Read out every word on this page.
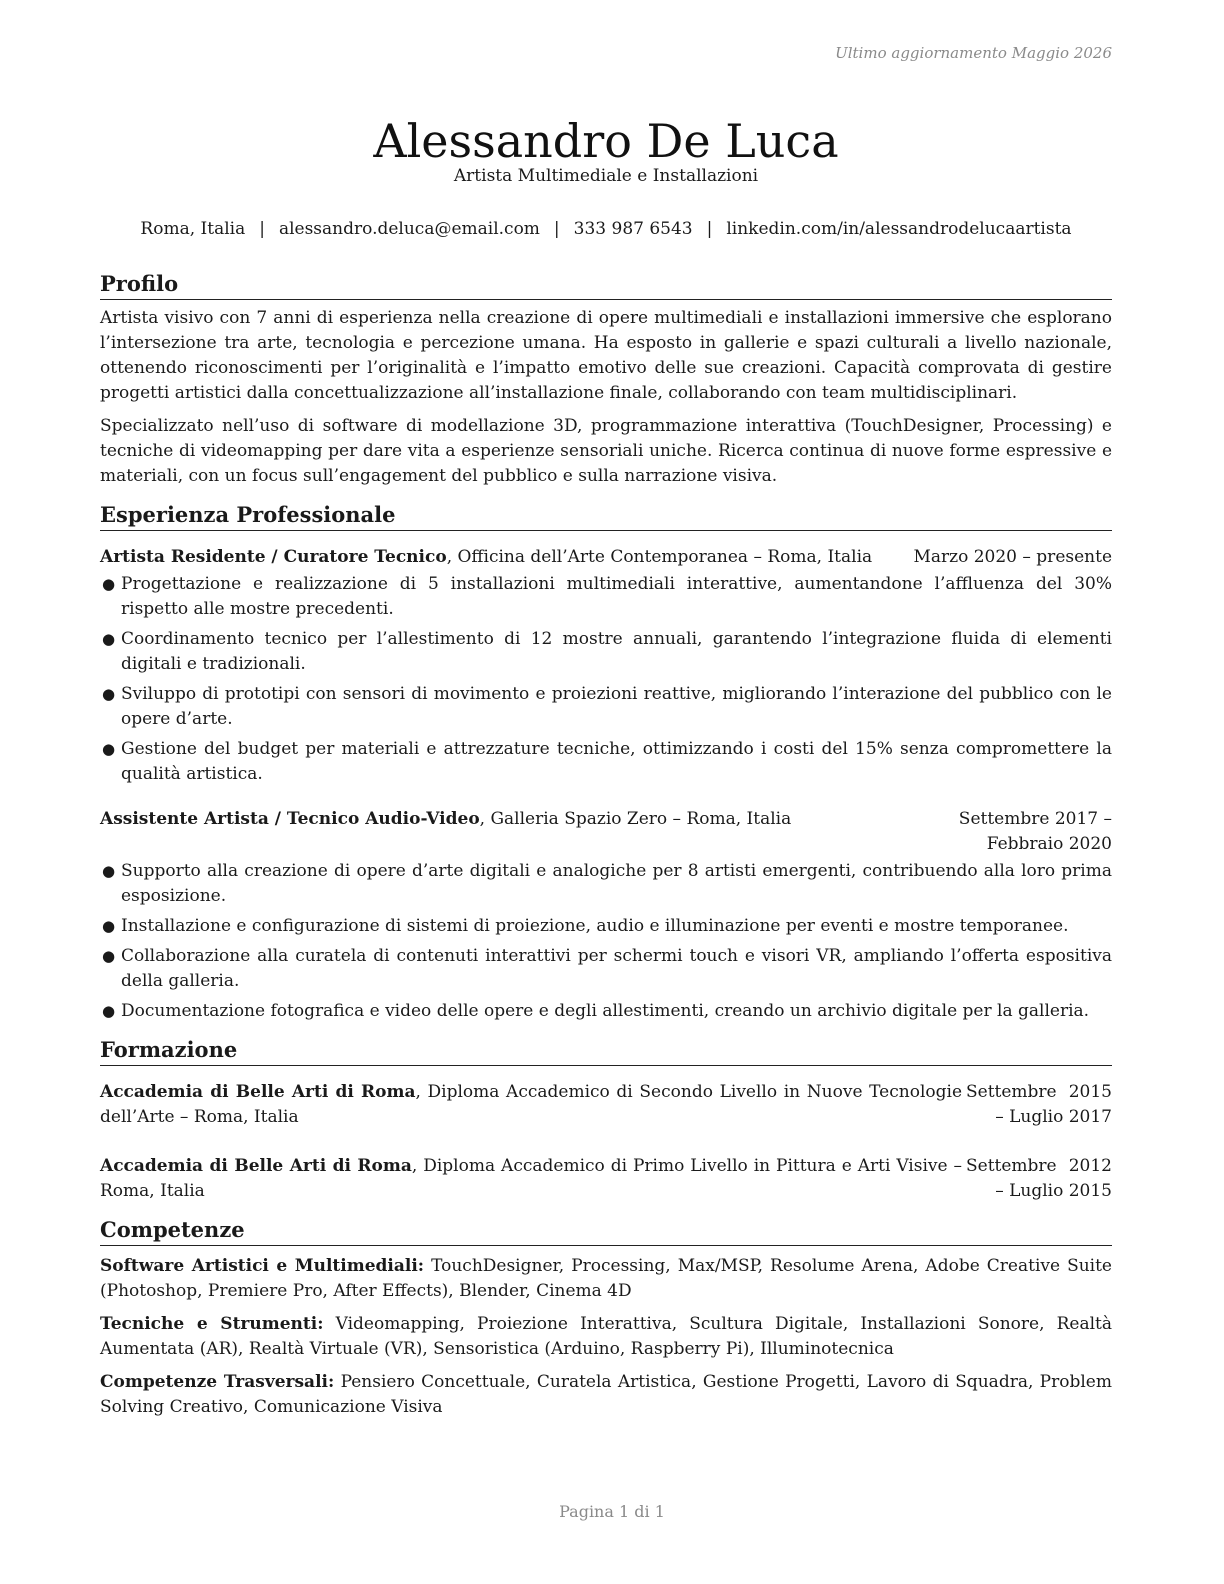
Ultimo aggiornamento Maggio 2026
Alessandro De Luca
Artista Multimediale e Installazioni
Roma, Italia | alessandro.deluca@email.com | 333 987 6543 | linkedin.com/in/alessandrodelucaartista
Profilo

Artista visivo con 7 anni di esperienza nella creazione di opere multimediali e installazioni immersive che esplorano l’intersezione tra arte, tecnologia e percezione umana. Ha esposto in gallerie e spazi culturali a livello nazionale, ottenendo riconoscimenti per l’originalità e l’impatto emotivo delle sue creazioni. Capacità comprovata di gestire progetti artistici dalla concettualizzazione all’installazione finale, collaborando con team multidisciplinari.

Specializzato nell’uso di software di modellazione 3D, programmazione interattiva (TouchDesigner, Processing) e tecniche di videomapping per dare vita a esperienze sensoriali uniche. Ricerca continua di nuove forme espressive e materiali, con un focus sull’engagement del pubblico e sulla narrazione visiva.

Esperienza Professionale
Artista Residente / Curatore Tecnico, Officina dell’Arte Contemporanea – Roma, Italia	Marzo 2020 – presente
● Progettazione e realizzazione di 5 installazioni multimediali interattive, aumentandone l’affluenza del 30% rispetto alle mostre precedenti.
● Coordinamento tecnico per l’allestimento di 12 mostre annuali, garantendo l’integrazione fluida di elementi digitali e tradizionali.
● Sviluppo di prototipi con sensori di movimento e proiezioni reattive, migliorando l’interazione del pubblico con le opere d’arte.
● Gestione del budget per materiali e attrezzature tecniche, ottimizzando i costi del 15% senza compromettere la qualità artistica.
Assistente Artista / Tecnico Audio-Video, Galleria Spazio Zero – Roma, Italia	Settembre 2017 – Febbraio 2020
● Supporto alla creazione di opere d’arte digitali e analogiche per 8 artisti emergenti, contribuendo alla loro prima esposizione.
● Installazione e configurazione di sistemi di proiezione, audio e illuminazione per eventi e mostre temporanee.
● Collaborazione alla curatela di contenuti interattivi per schermi touch e visori VR, ampliando l’offerta espositiva della galleria.
● Documentazione fotografica e video delle opere e degli allestimenti, creando un archivio digitale per la galleria.
Formazione
Accademia di Belle Arti di Roma, Diploma Accademico di Secondo Livello in Nuove Tecnologie dell’Arte – Roma, Italia
Settembre 2015 – Luglio 2017
Accademia di Belle Arti di Roma, Diploma Accademico di Primo Livello in Pittura e Arti Visive – Roma, Italia
Settembre 2012 – Luglio 2015
Competenze
Software Artistici e Multimediali: TouchDesigner, Processing, Max/MSP, Resolume Arena, Adobe Creative Suite (Photoshop, Premiere Pro, After Effects), Blender, Cinema 4D
Tecniche e Strumenti: Videomapping, Proiezione Interattiva, Scultura Digitale, Installazioni Sonore, Realtà Aumentata (AR), Realtà Virtuale (VR), Sensoristica (Arduino, Raspberry Pi), Illuminotecnica
Competenze Trasversali: Pensiero Concettuale, Curatela Artistica, Gestione Progetti, Lavoro di Squadra, Problem Solving Creativo, Comunicazione Visiva
Pagina 1 di 1
